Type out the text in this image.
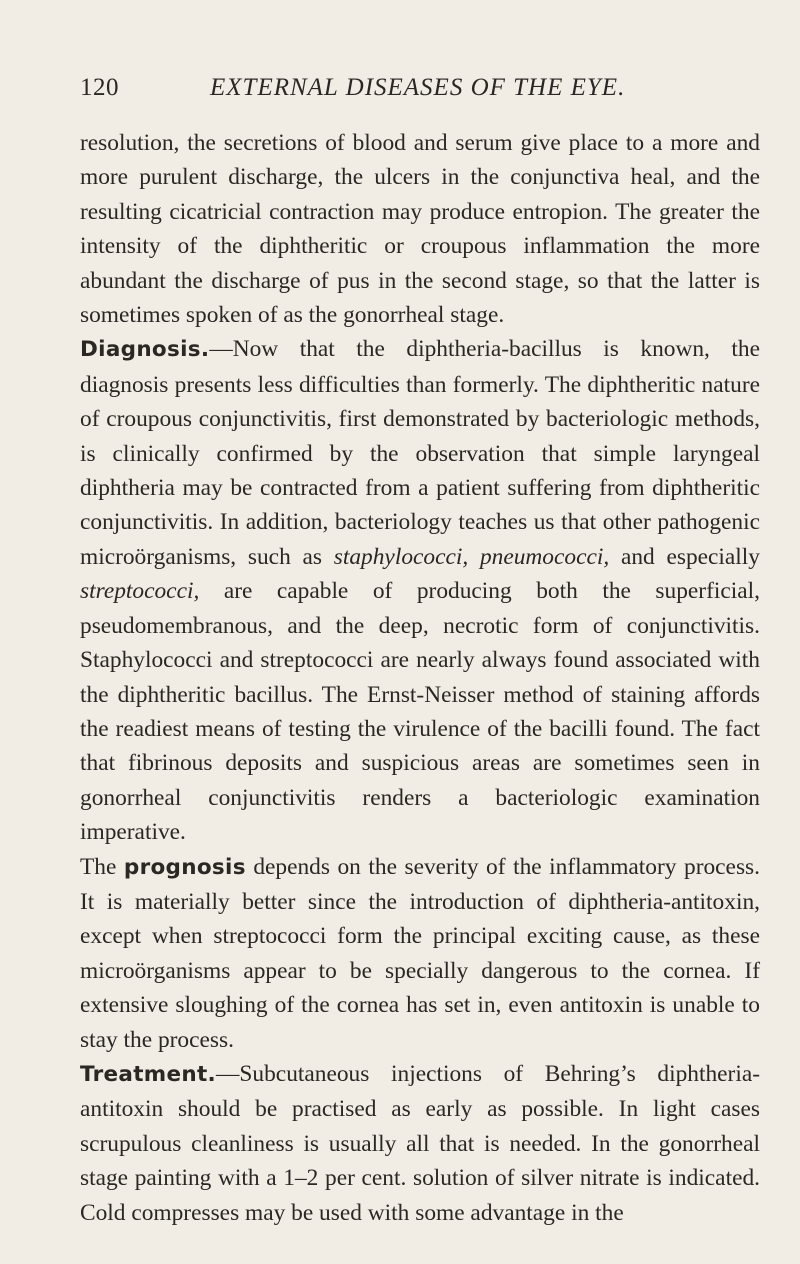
120	EXTERNAL DISEASES OF THE EYE.

resolution, the secretions of blood and serum give place to a more and more purulent discharge, the ulcers in the conjunctiva heal, and the resulting cicatricial contraction may produce entropion. The greater the intensity of the diphtheritic or croupous inflammation the more abundant the discharge of pus in the second stage, so that the latter is sometimes spoken of as the gonorrheal stage.

Diagnosis.—Now that the diphtheria-bacillus is known, the diagnosis presents less difficulties than formerly. The diphtheritic nature of croupous conjunctivitis, first demonstrated by bacteriologic methods, is clinically confirmed by the observation that simple laryngeal diphtheria may be contracted from a patient suffering from diphtheritic conjunctivitis. In addition, bacteriology teaches us that other pathogenic microörganisms, such as staphylococci, pneumococci, and especially streptococci, are capable of producing both the superficial, pseudomembranous, and the deep, necrotic form of conjunctivitis. Staphylococci and streptococci are nearly always found associated with the diphtheritic bacillus. The Ernst-Neisser method of staining affords the readiest means of testing the virulence of the bacilli found. The fact that fibrinous deposits and suspicious areas are sometimes seen in gonorrheal conjunctivitis renders a bacteriologic examination imperative.

The prognosis depends on the severity of the inflammatory process. It is materially better since the introduction of diphtheria-antitoxin, except when streptococci form the principal exciting cause, as these microörganisms appear to be specially dangerous to the cornea. If extensive sloughing of the cornea has set in, even antitoxin is unable to stay the process.

Treatment.—Subcutaneous injections of Behring’s diphtheria-antitoxin should be practised as early as possible. In light cases scrupulous cleanliness is usually all that is needed. In the gonorrheal stage painting with a 1–2 per cent. solution of silver nitrate is indicated. Cold compresses may be used with some advantage in the
